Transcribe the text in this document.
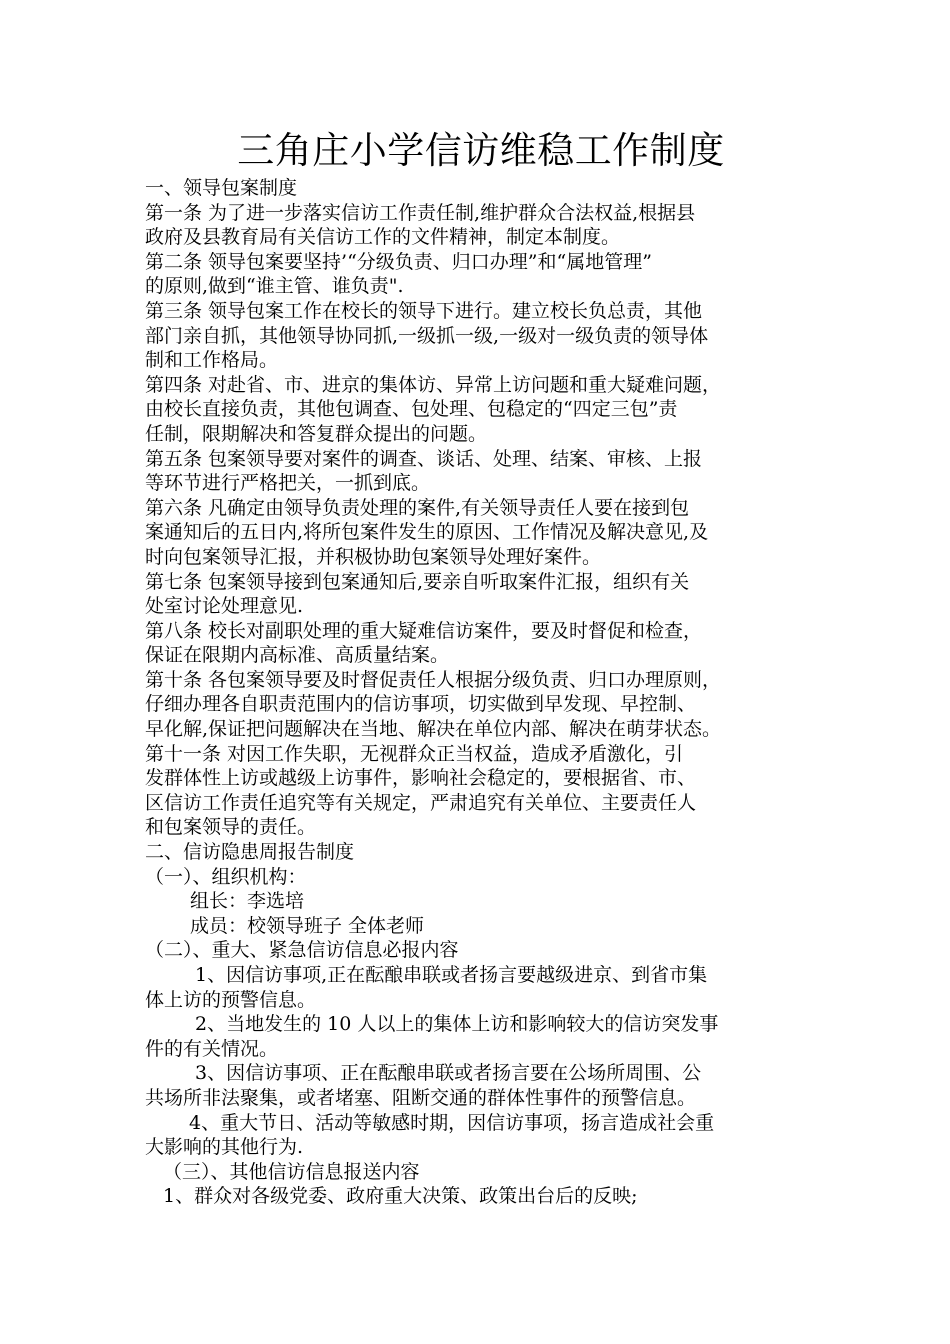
三角庄小学信访维稳工作制度
一、领导包案制度
第一条 为了进一步落实信访工作责任制,维护群众合法权益,根据县
政府及县教育局有关信访工作的文件精神，制定本制度。
第二条 领导包案要坚持’“分级负责、归口办理”和“属地管理”
的原则,做到“谁主管、谁负责".
第三条 领导包案工作在校长的领导下进行。建立校长负总责，其他
部门亲自抓，其他领导协同抓,一级抓一级,一级对一级负责的领导体
制和工作格局。
第四条 对赴省、市、进京的集体访、异常上访问题和重大疑难问题，
由校长直接负责，其他包调查、包处理、包稳定的“四定三包”责
任制，限期解决和答复群众提出的问题。
第五条 包案领导要对案件的调查、谈话、处理、结案、审核、上报
等环节进行严格把关，一抓到底。
第六条 凡确定由领导负责处理的案件,有关领导责任人要在接到包
案通知后的五日内,将所包案件发生的原因、工作情况及解决意见,及
时向包案领导汇报，并积极协助包案领导处理好案件。
第七条 包案领导接到包案通知后,要亲自听取案件汇报，组织有关
处室讨论处理意见.
第八条 校长对副职处理的重大疑难信访案件，要及时督促和检查，
保证在限期内高标准、高质量结案。
第十条 各包案领导要及时督促责任人根据分级负责、归口办理原则，
仔细办理各自职责范围内的信访事项，切实做到早发现、早控制、
早化解,保证把问题解决在当地、解决在单位内部、解决在萌芽状态。
第十一条 对因工作失职，无视群众正当权益，造成矛盾激化，引
发群体性上访或越级上访事件，影响社会稳定的，要根据省、市、
区信访工作责任追究等有关规定，严肃追究有关单位、主要责任人
和包案领导的责任。
二、信访隐患周报告制度
（一）、组织机构：
组长：李选培
成员：校领导班子 全体老师
（二）、重大、紧急信访信息必报内容
1、因信访事项,正在酝酿串联或者扬言要越级进京、到省市集
体上访的预警信息。
2、当地发生的 10 人以上的集体上访和影响较大的信访突发事
件的有关情况。
3、因信访事项、正在酝酿串联或者扬言要在公场所周围、公
共场所非法聚集，或者堵塞、阻断交通的群体性事件的预警信息。
4、重大节日、活动等敏感时期，因信访事项，扬言造成社会重
大影响的其他行为.
（三）、其他信访信息报送内容
1、群众对各级党委、政府重大决策、政策出台后的反映;
